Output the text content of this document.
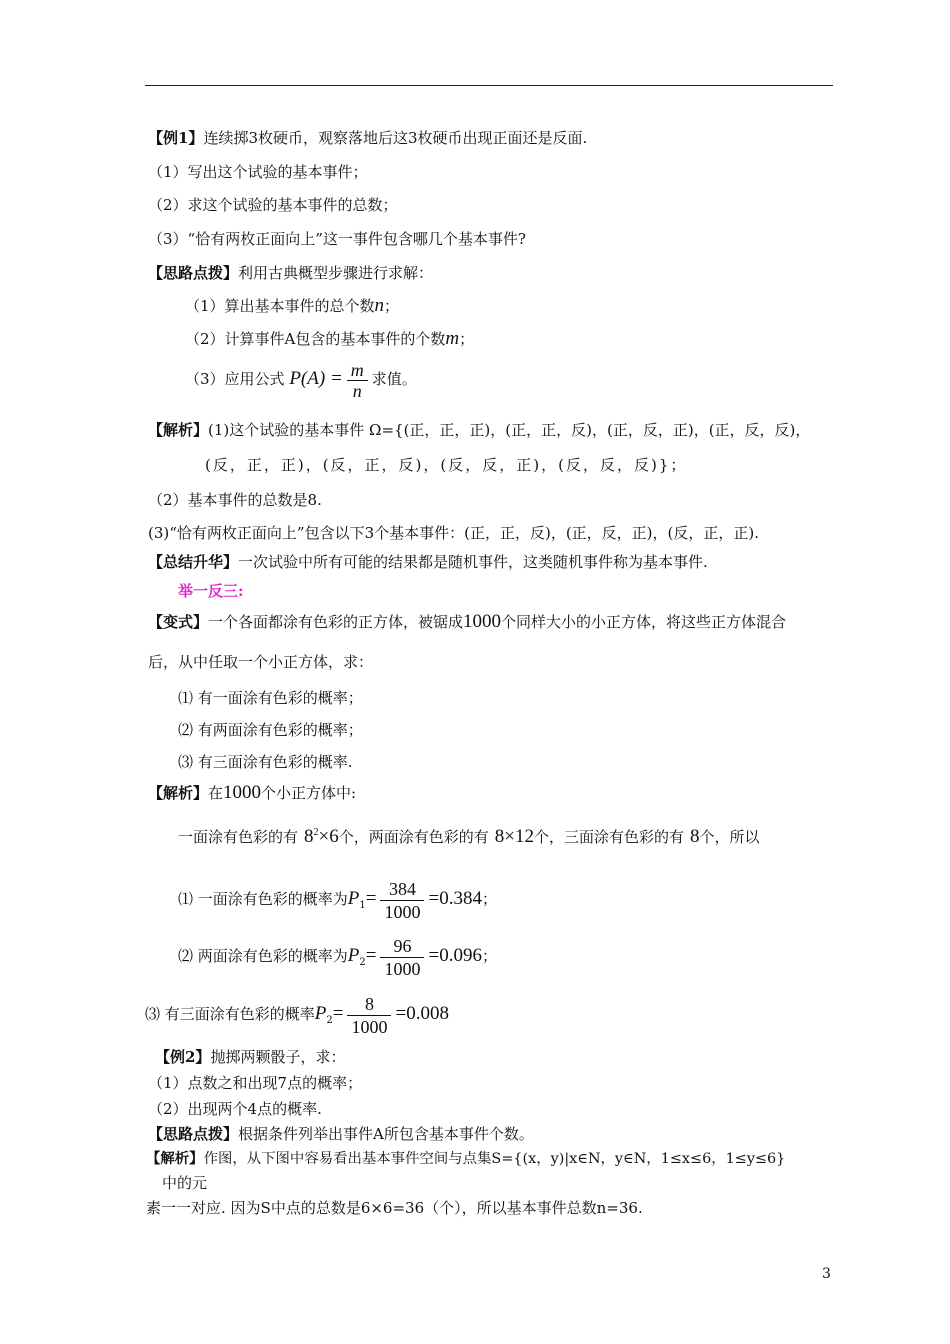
【例1】连续掷3枚硬币，观察落地后这3枚硬币出现正面还是反面.
（1）写出这个试验的基本事件；
（2）求这个试验的基本事件的总数；
（3）“恰有两枚正面向上”这一事件包含哪几个基本事件?
【思路点拨】利用古典概型步骤进行求解：
（1）算出基本事件的总个数n；
（2）计算事件A包含的基本事件的个数m；
（3）应用公式 $P(A) = \frac{m}{n}$ 求值。
【解析】(1)这个试验的基本事件 Ω={(正，正，正)，(正，正，反)，(正，反，正)，(正，反，反)，
(反，正，正)，(反，正，反)，(反，反，正)，(反，反，反)}；
（2）基本事件的总数是8.
(3)“恰有两枚正面向上”包含以下3个基本事件：(正，正，反)，(正，反，正)，(反，正，正).
【总结升华】一次试验中所有可能的结果都是随机事件，这类随机事件称为基本事件.
举一反三:
【变式】一个各面都涂有色彩的正方体，被锯成1000个同样大小的小正方体，将这些正方体混合
后，从中任取一个小正方体，求：
⑴ 有一面涂有色彩的概率；
⑵ 有两面涂有色彩的概率；
⑶ 有三面涂有色彩的概率.
【解析】在1000个小正方体中:
一面涂有色彩的有 $8^2\times 6$个，两面涂有色彩的有 8×12个，三面涂有色彩的有 8个，所以
⑴ 一面涂有色彩的概率为$P_1= \frac{384}{1000} =0.384$；
⑵ 两面涂有色彩的概率为$P_2= \frac{96}{1000} =0.096$；
⑶ 有三面涂有色彩的概率$P_2= \frac{8}{1000} =0.008$
【例2】抛掷两颗骰子，求：
（1）点数之和出现7点的概率；
（2）出现两个4点的概率.
【思路点拨】根据条件列举出事件A所包含基本事件个数。
【解析】作图，从下图中容易看出基本事件空间与点集S={(x，y)|x∈N，y∈N，1≤x≤6，1≤y≤6}
中的元
素一一对应. 因为S中点的总数是6×6=36（个），所以基本事件总数n=36.
3
